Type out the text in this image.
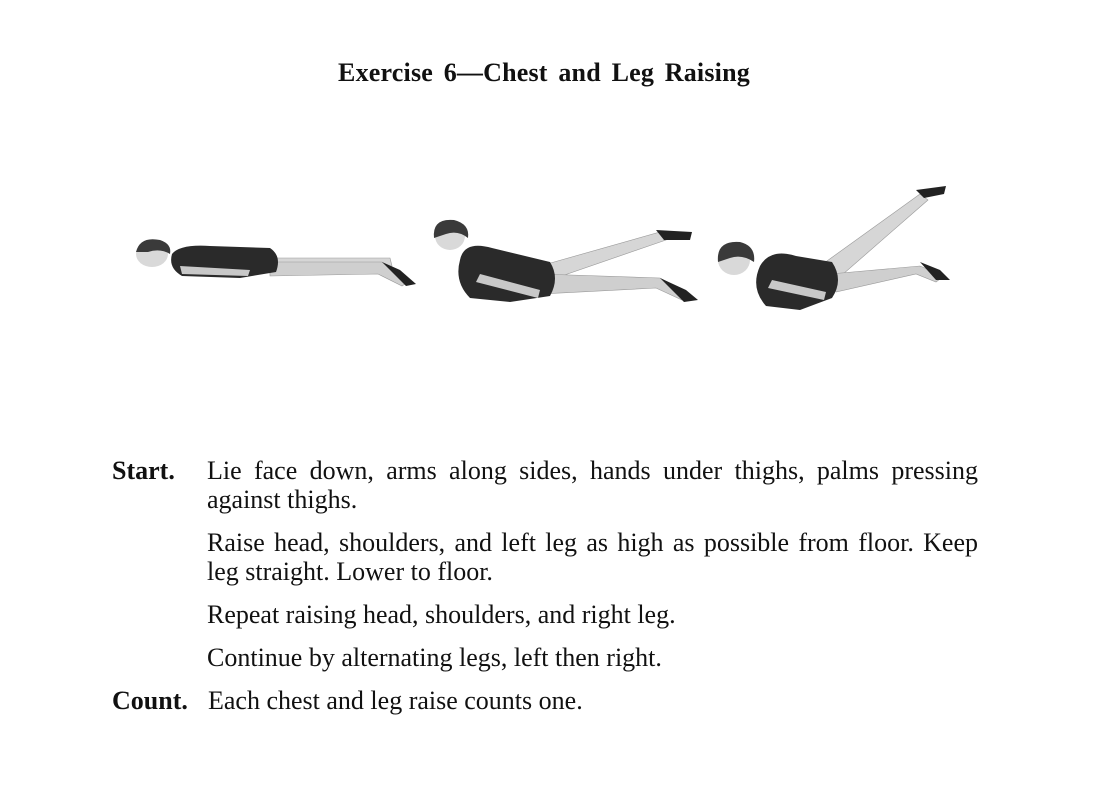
Exercise 6—Chest and Leg Raising
Start.	Lie face down, arms along sides, hands under thighs, palms pressing against thighs.
Raise head, shoulders, and left leg as high as possible from floor. Keep leg straight. Lower to floor.
Repeat raising head, shoulders, and right leg.
Continue by alternating legs, left then right.
Count. Each chest and leg raise counts one.
